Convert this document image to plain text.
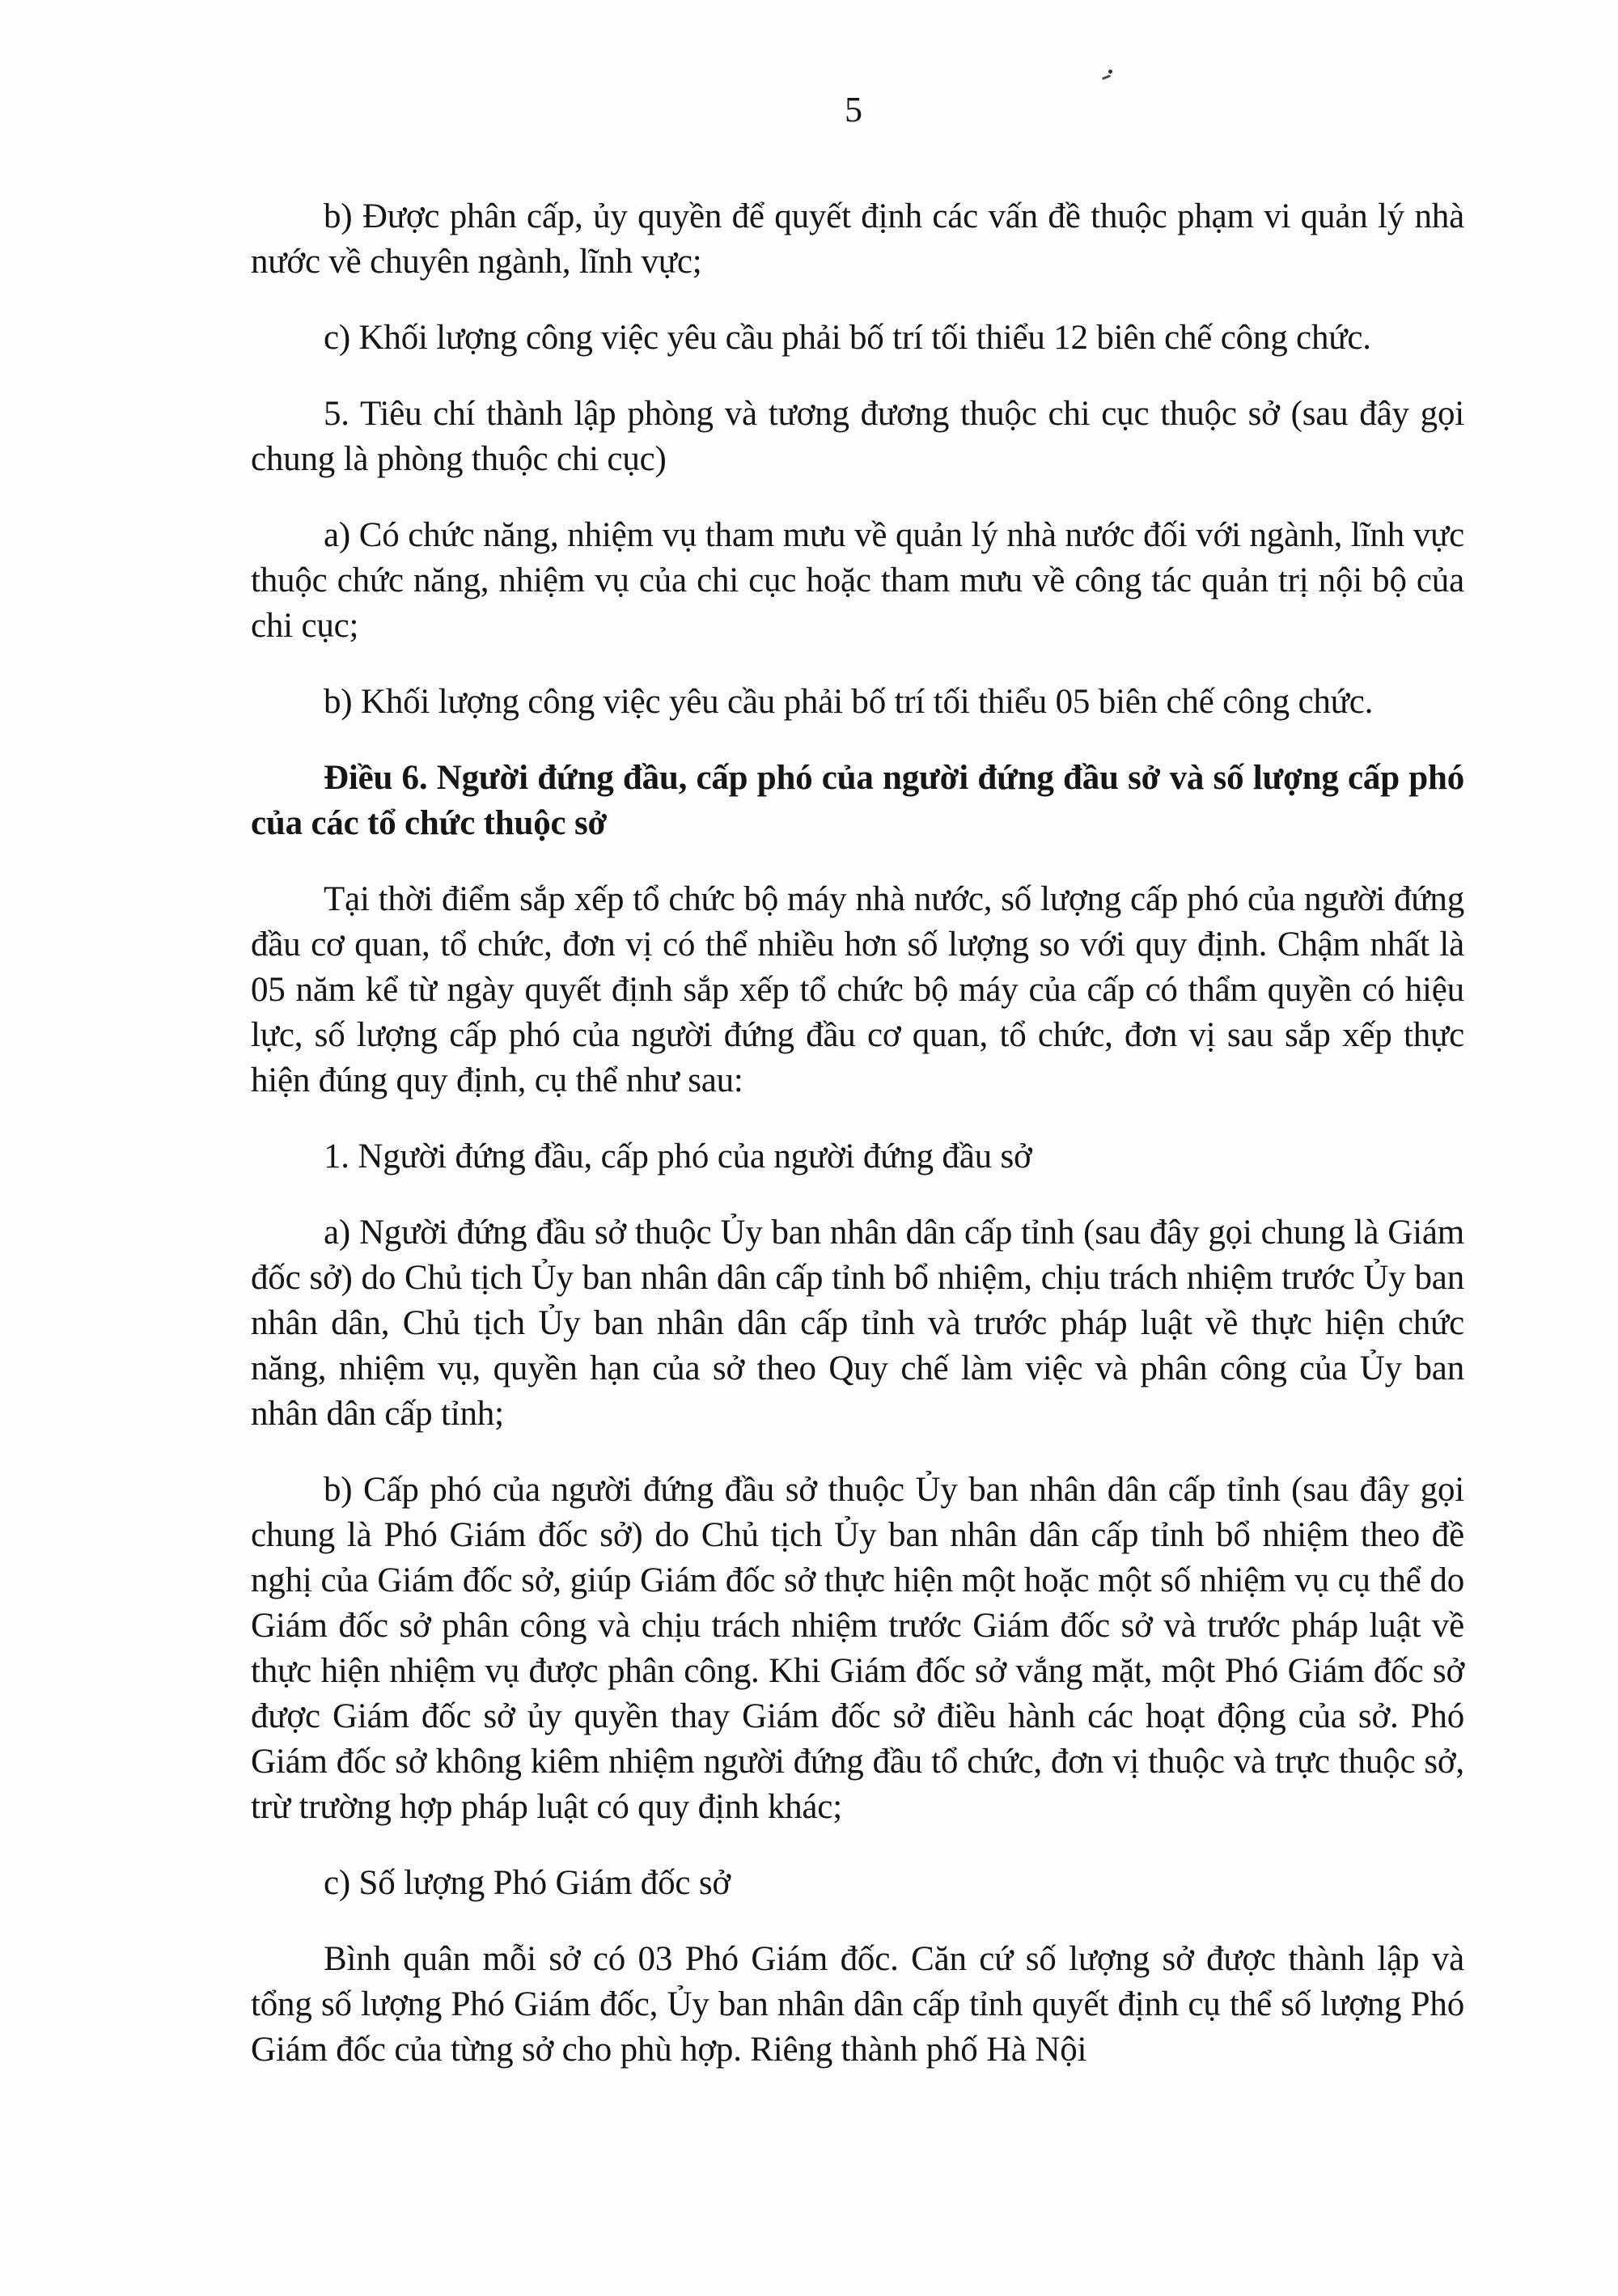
5

b) Được phân cấp, ủy quyền để quyết định các vấn đề thuộc phạm vi quản lý nhà nước về chuyên ngành, lĩnh vực;

c) Khối lượng công việc yêu cầu phải bố trí tối thiểu 12 biên chế công chức.

5. Tiêu chí thành lập phòng và tương đương thuộc chi cục thuộc sở (sau đây gọi chung là phòng thuộc chi cục)

a) Có chức năng, nhiệm vụ tham mưu về quản lý nhà nước đối với ngành, lĩnh vực thuộc chức năng, nhiệm vụ của chi cục hoặc tham mưu về công tác quản trị nội bộ của chi cục;

b) Khối lượng công việc yêu cầu phải bố trí tối thiểu 05 biên chế công chức.

Điều 6. Người đứng đầu, cấp phó của người đứng đầu sở và số lượng cấp phó của các tổ chức thuộc sở

Tại thời điểm sắp xếp tổ chức bộ máy nhà nước, số lượng cấp phó của người đứng đầu cơ quan, tổ chức, đơn vị có thể nhiều hơn số lượng so với quy định. Chậm nhất là 05 năm kể từ ngày quyết định sắp xếp tổ chức bộ máy của cấp có thẩm quyền có hiệu lực, số lượng cấp phó của người đứng đầu cơ quan, tổ chức, đơn vị sau sắp xếp thực hiện đúng quy định, cụ thể như sau:

1. Người đứng đầu, cấp phó của người đứng đầu sở

a) Người đứng đầu sở thuộc Ủy ban nhân dân cấp tỉnh (sau đây gọi chung là Giám đốc sở) do Chủ tịch Ủy ban nhân dân cấp tỉnh bổ nhiệm, chịu trách nhiệm trước Ủy ban nhân dân, Chủ tịch Ủy ban nhân dân cấp tỉnh và trước pháp luật về thực hiện chức năng, nhiệm vụ, quyền hạn của sở theo Quy chế làm việc và phân công của Ủy ban nhân dân cấp tỉnh;

b) Cấp phó của người đứng đầu sở thuộc Ủy ban nhân dân cấp tỉnh (sau đây gọi chung là Phó Giám đốc sở) do Chủ tịch Ủy ban nhân dân cấp tỉnh bổ nhiệm theo đề nghị của Giám đốc sở, giúp Giám đốc sở thực hiện một hoặc một số nhiệm vụ cụ thể do Giám đốc sở phân công và chịu trách nhiệm trước Giám đốc sở và trước pháp luật về thực hiện nhiệm vụ được phân công. Khi Giám đốc sở vắng mặt, một Phó Giám đốc sở được Giám đốc sở ủy quyền thay Giám đốc sở điều hành các hoạt động của sở. Phó Giám đốc sở không kiêm nhiệm người đứng đầu tổ chức, đơn vị thuộc và trực thuộc sở, trừ trường hợp pháp luật có quy định khác;

c) Số lượng Phó Giám đốc sở

Bình quân mỗi sở có 03 Phó Giám đốc. Căn cứ số lượng sở được thành lập và tổng số lượng Phó Giám đốc, Ủy ban nhân dân cấp tỉnh quyết định cụ thể số lượng Phó Giám đốc của từng sở cho phù hợp. Riêng thành phố Hà Nội
